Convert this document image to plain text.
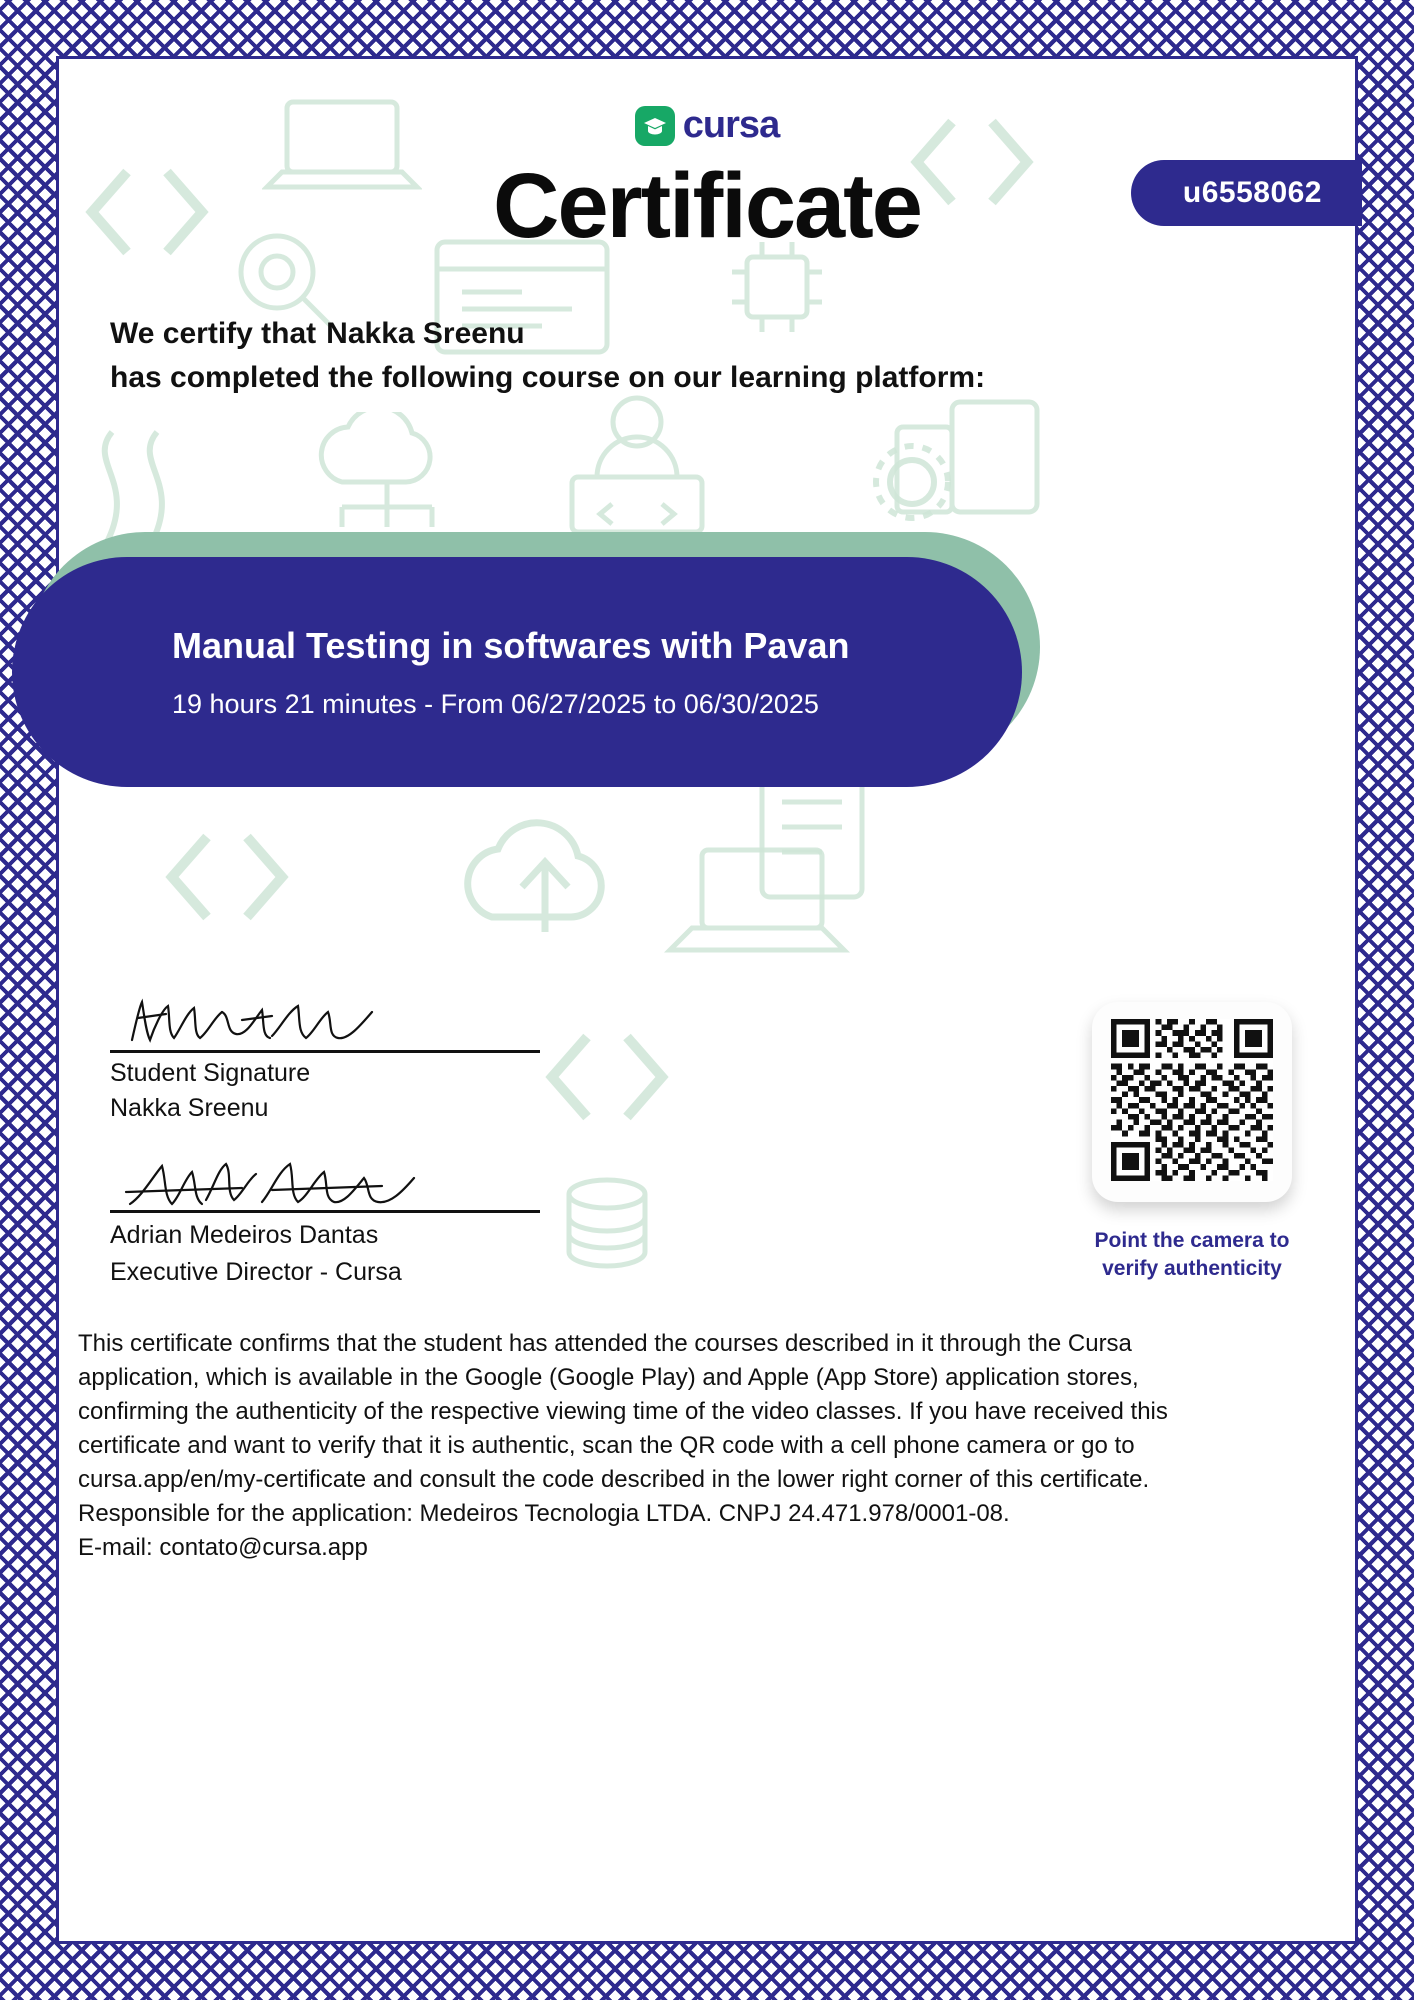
cursa
Certificate	u6558062
We certify that Nakka Sreenu
has completed the following course on our learning platform:
Manual Testing in softwares with Pavan
19 hours 21 minutes - From 06/27/2025 to 06/30/2025
Student Signature
Nakka Sreenu
Adrian Medeiros Dantas
Executive Director - Cursa
Point the camera to
verify authenticity

This certificate confirms that the student has attended the courses described in it through the Cursa

application, which is available in the Google (Google Play) and Apple (App Store) application stores,

confirming the authenticity of the respective viewing time of the video classes. If you have received this

certificate and want to verify that it is authentic, scan the QR code with a cell phone camera or go to

cursa.app/en/my-certificate and consult the code described in the lower right corner of this certificate.

Responsible for the application: Medeiros Tecnologia LTDA. CNPJ 24.471.978/0001-08.

E-mail: contato@cursa.app
